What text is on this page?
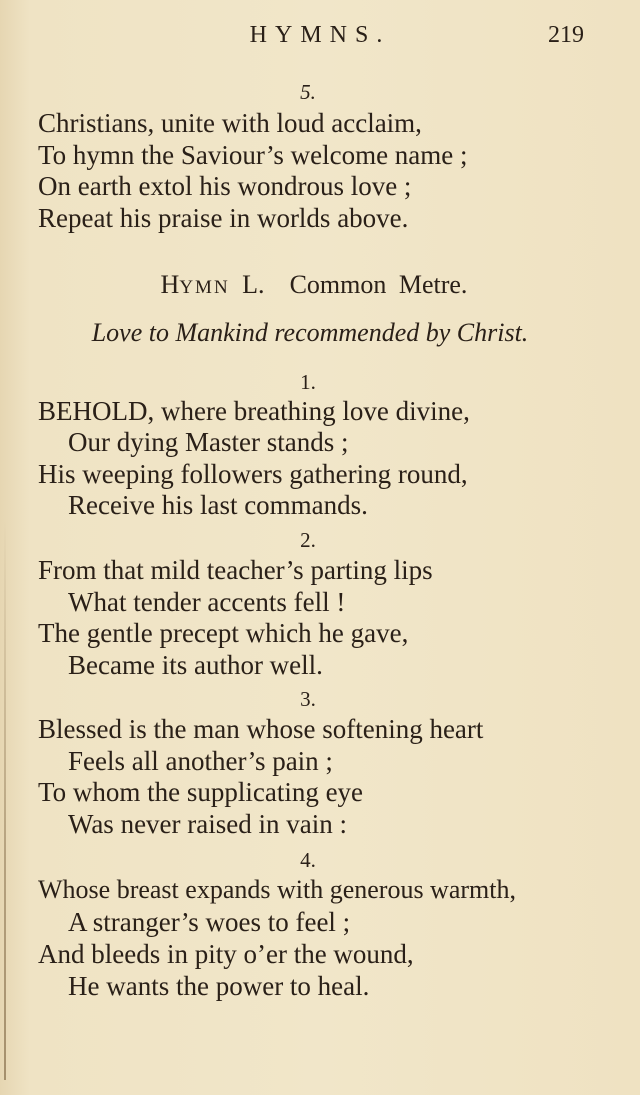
HYMNS.	219
5.
Christians, unite with loud acclaim,
To hymn the Saviour’s welcome name ;
On earth extol his wondrous love ;
Repeat his praise in worlds above.
HYMN L. Common Metre.
Love to Mankind recommended by Christ.
1.
BEHOLD, where breathing love divine,
Our dying Master stands ;
His weeping followers gathering round,
Receive his last commands.
2.
From that mild teacher’s parting lips
What tender accents fell !
The gentle precept which he gave,
Became its author well.
3.
Blessed is the man whose softening heart
Feels all another’s pain ;
To whom the supplicating eye
Was never raised in vain :
4.
Whose breast expands with generous warmth,
A stranger’s woes to feel ;
And bleeds in pity o’er the wound,
He wants the power to heal.
